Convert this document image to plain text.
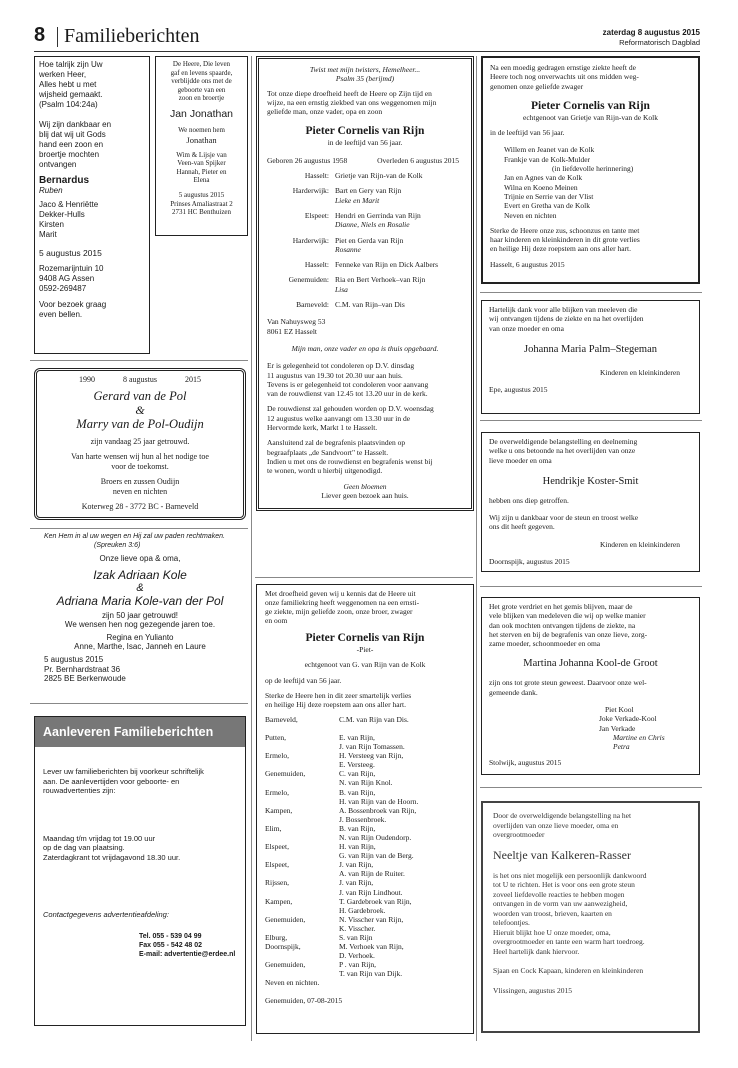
8 Familieberichten	zaterdag 8 augustus 2015
Reformatorisch Dagblad
Hoe talrijk zijn Uw
werken Heer,
Alles hebt u met
wijsheid gemaakt.
(Psalm 104:24a)
Wij zijn dankbaar en
blij dat wij uit Gods
hand een zoon en
broertje mochten
ontvangen
Bernardus
Ruben
Jaco & Henriëtte
Dekker-Hulls
Kirsten
Marit
5 augustus 2015
Rozemarijntuin 10
9408 AG Assen
0592-269487
Voor bezoek graag
even bellen.
De Heere, Die leven
gaf en levens spaarde,
verblijdde ons met de
geboorte van een
zoon en broertje
Jan Jonathan
We noemen hem
Jonathan
Wim & Lijsje van
Veen-van Spijker
Hannah, Pieter en
Elena
5 augustus 2015
Prinses Amaliastraat 2
2731 HC Benthuizen
1990	8 augustus	2015
Gerard van de Pol
&
Marry van de Pol-Oudijn
zijn vandaag 25 jaar getrouwd.
Van harte wensen wij hun al het nodige toe
voor de toekomst.
Broers en zussen Oudijn
neven en nichten
Koterweg 28 - 3772 BC - Barneveld
Ken Hem in al uw wegen en Hij zal uw paden rechtmaken.
(Spreuken 3:6)
Onze lieve opa & oma,
Izak Adriaan Kole
&
Adriana Maria Kole-van der Pol
zijn 50 jaar getrouwd!
We wensen hen nog gezegende jaren toe.
Regina en Yulianto
Anne, Marthe, Isac, Janneh en Laure
5 augustus 2015
Pr. Bernhardstraat 36
2825 BE Berkenwoude
Aanleveren Familieberichten
Lever uw familieberichten bij voorkeur schriftelijk
aan. De aanlevertijden voor geboorte- en
rouwadvertenties zijn:
Maandag t/m vrijdag tot 19.00 uur
op de dag van plaatsing.
Zaterdagkrant tot vrijdagavond 18.30 uur.
Contactgegevens advertentieafdeling:
Tel. 055 - 539 04 99
Fax 055 - 542 48 02
E-mail: advertentie@erdee.nl
Twist met mijn twisters, Hemelheer...
Psalm 35 (berijmd)
Tot onze diepe droefheid heeft de Heere op Zijn tijd en
wijze, na een ernstig ziekbed van ons weggenomen mijn
geliefde man, onze vader, opa en zoon
Pieter Cornelis van Rijn
in de leeftijd van 56 jaar.
Geboren 26 augustus 1958	Overleden 6 augustus 2015
Hasselt: Grietje van Rijn-van de Kolk
Harderwijk: Bart en Gery van Rijn
Lieke en Marit
Elspeet: Hendri en Gerrinda van Rijn
Dianne, Niels en Rosalie
Harderwijk: Piet en Gerda van Rijn
Rosanne
Hasselt: Fenneke van Rijn en Dick Aalbers
Genemuiden: Ria en Bert Verhoek–van Rijn
Lisa
Barneveld: C.M. van Rijn–van Dis
Van Nahuysweg 53
8061 EZ Hasselt
Mijn man, onze vader en opa is thuis opgebaard.
Er is gelegenheid tot condoleren op D.V. dinsdag
11 augustus van 19.30 tot 20.30 uur aan huis.
Tevens is er gelegenheid tot condoleren voor aanvang
van de rouwdienst van 12.45 tot 13.20 uur in de kerk.
De rouwdienst zal gehouden worden op D.V. woensdag
12 augustus welke aanvangt om 13.30 uur in de
Hervormde kerk, Markt 1 te Hasselt.
Aansluitend zal de begrafenis plaatsvinden op
begraafplaats „de Sandvoort" te Hasselt.
Indien u met ons de rouwdienst en begrafenis wenst bij
te wonen, wordt u hierbij uitgenodigd.
Geen bloemen
Liever geen bezoek aan huis.
Met droefheid geven wij u kennis dat de Heere uit
onze familiekring heeft weggenomen na een ernsti-
ge ziekte, mijn geliefde zoon, onze broer, zwager
en oom
Pieter Cornelis van Rijn
-Piet-
echtgenoot van G. van Rijn van de Kolk
op de leeftijd van 56 jaar.
Sterke de Heere hen in dit zeer smartelijk verlies
en heilige Hij deze roepstem aan ons aller hart.
Barneveld,	C.M. van Rijn van Dis.
Putten,	E. van Rijn,
J. van Rijn Tomassen.
Ermelo,	H. Versteeg van Rijn,
E. Versteeg.
Genemuiden,	C. van Rijn,
N. van Rijn Knol.
Ermelo,	B. van Rijn,
H. van Rijn van de Hoorn.
Kampen,	A. Bossenbroek van Rijn,
J. Bossenbroek.
Elim,	B. van Rijn,
N. van Rijn Oudendorp.
Elspeet,	H. van Rijn,
G. van Rijn van de Berg.
Elspeet,	J. van Rijn,
A. van Rijn de Ruiter.
Rijssen,	J. van Rijn,
J. van Rijn Lindhout.
Kampen,	T. Gardebroek van Rijn,
H. Gardebroek.
Genemuiden,	N. Visscher van Rijn,
K. Visscher.
Elburg,	S. van Rijn
Doornspijk,	M. Verhoek van Rijn,
D. Verhoek.
Genemuiden,	P . van Rijn,
T. van Rijn van Dijk.
Neven en nichten.
Genemuiden, 07-08-2015
Na een moedig gedragen ernstige ziekte heeft de
Heere toch nog onverwachts uit ons midden weg-
genomen onze geliefde zwager
Pieter Cornelis van Rijn
echtgenoot van Grietje van Rijn-van de Kolk
in de leeftijd van 56 jaar.
Willem en Jeanet van de Kolk
Frankje van de Kolk-Mulder
(in liefdevolle herinnering)
Jan en Agnes van de Kolk
Wilna en Koeno Meinen
Trijnie en Serrie van der Vlist
Evert en Gretha van de Kolk
Neven en nichten
Sterke de Heere onze zus, schoonzus en tante met
haar kinderen en kleinkinderen in dit grote verlies
en heilige Hij deze roepstem aan ons aller hart.
Hasselt, 6 augustus 2015
Hartelijk dank voor alle blijken van meeleven die
wij ontvangen tijdens de ziekte en na het overlijden
van onze moeder en oma
Johanna Maria Palm–Stegeman
Kinderen en kleinkinderen
Epe, augustus 2015
De overweldigende belangstelling en deelneming
welke u ons betoonde na het overlijden van onze
lieve moeder en oma
Hendrikje Koster-Smit
hebben ons diep getroffen.
Wij zijn u dankbaar voor de steun en troost welke
ons dit heeft gegeven.
Kinderen en kleinkinderen
Doornspijk, augustus 2015
Het grote verdriet en het gemis blijven, maar de
vele blijken van medeleven die wij op welke manier
dan ook mochten ontvangen tijdens de ziekte, na
het sterven en bij de begrafenis van onze lieve, zorg-
zame moeder, schoonmoeder en oma
Martina Johanna Kool-de Groot
zijn ons tot grote steun geweest. Daarvoor onze wel-
gemeende dank.
Piet Kool
Joke Verkade-Kool
Jan Verkade
Martine en Chris
Petra
Stolwijk, augustus 2015
Door de overweldigende belangstelling na het
overlijden van onze lieve moeder, oma en
overgrootmoeder
Neeltje van Kalkeren-Rasser
is het ons niet mogelijk een persoonlijk dankwoord
tot U te richten. Het is voor ons een grote steun
zoveel liefdevolle reacties te hebben mogen
ontvangen in de vorm van uw aanwezigheid,
woorden van troost, brieven, kaarten en
telefoontjes.
Hieruit blijkt hoe U onze moeder, oma,
overgrootmoeder en tante een warm hart toedroeg.
Heel hartelijk dank hiervoor.
Sjaan en Cock Kapaan, kinderen en kleinkinderen
Vlissingen, augustus 2015
